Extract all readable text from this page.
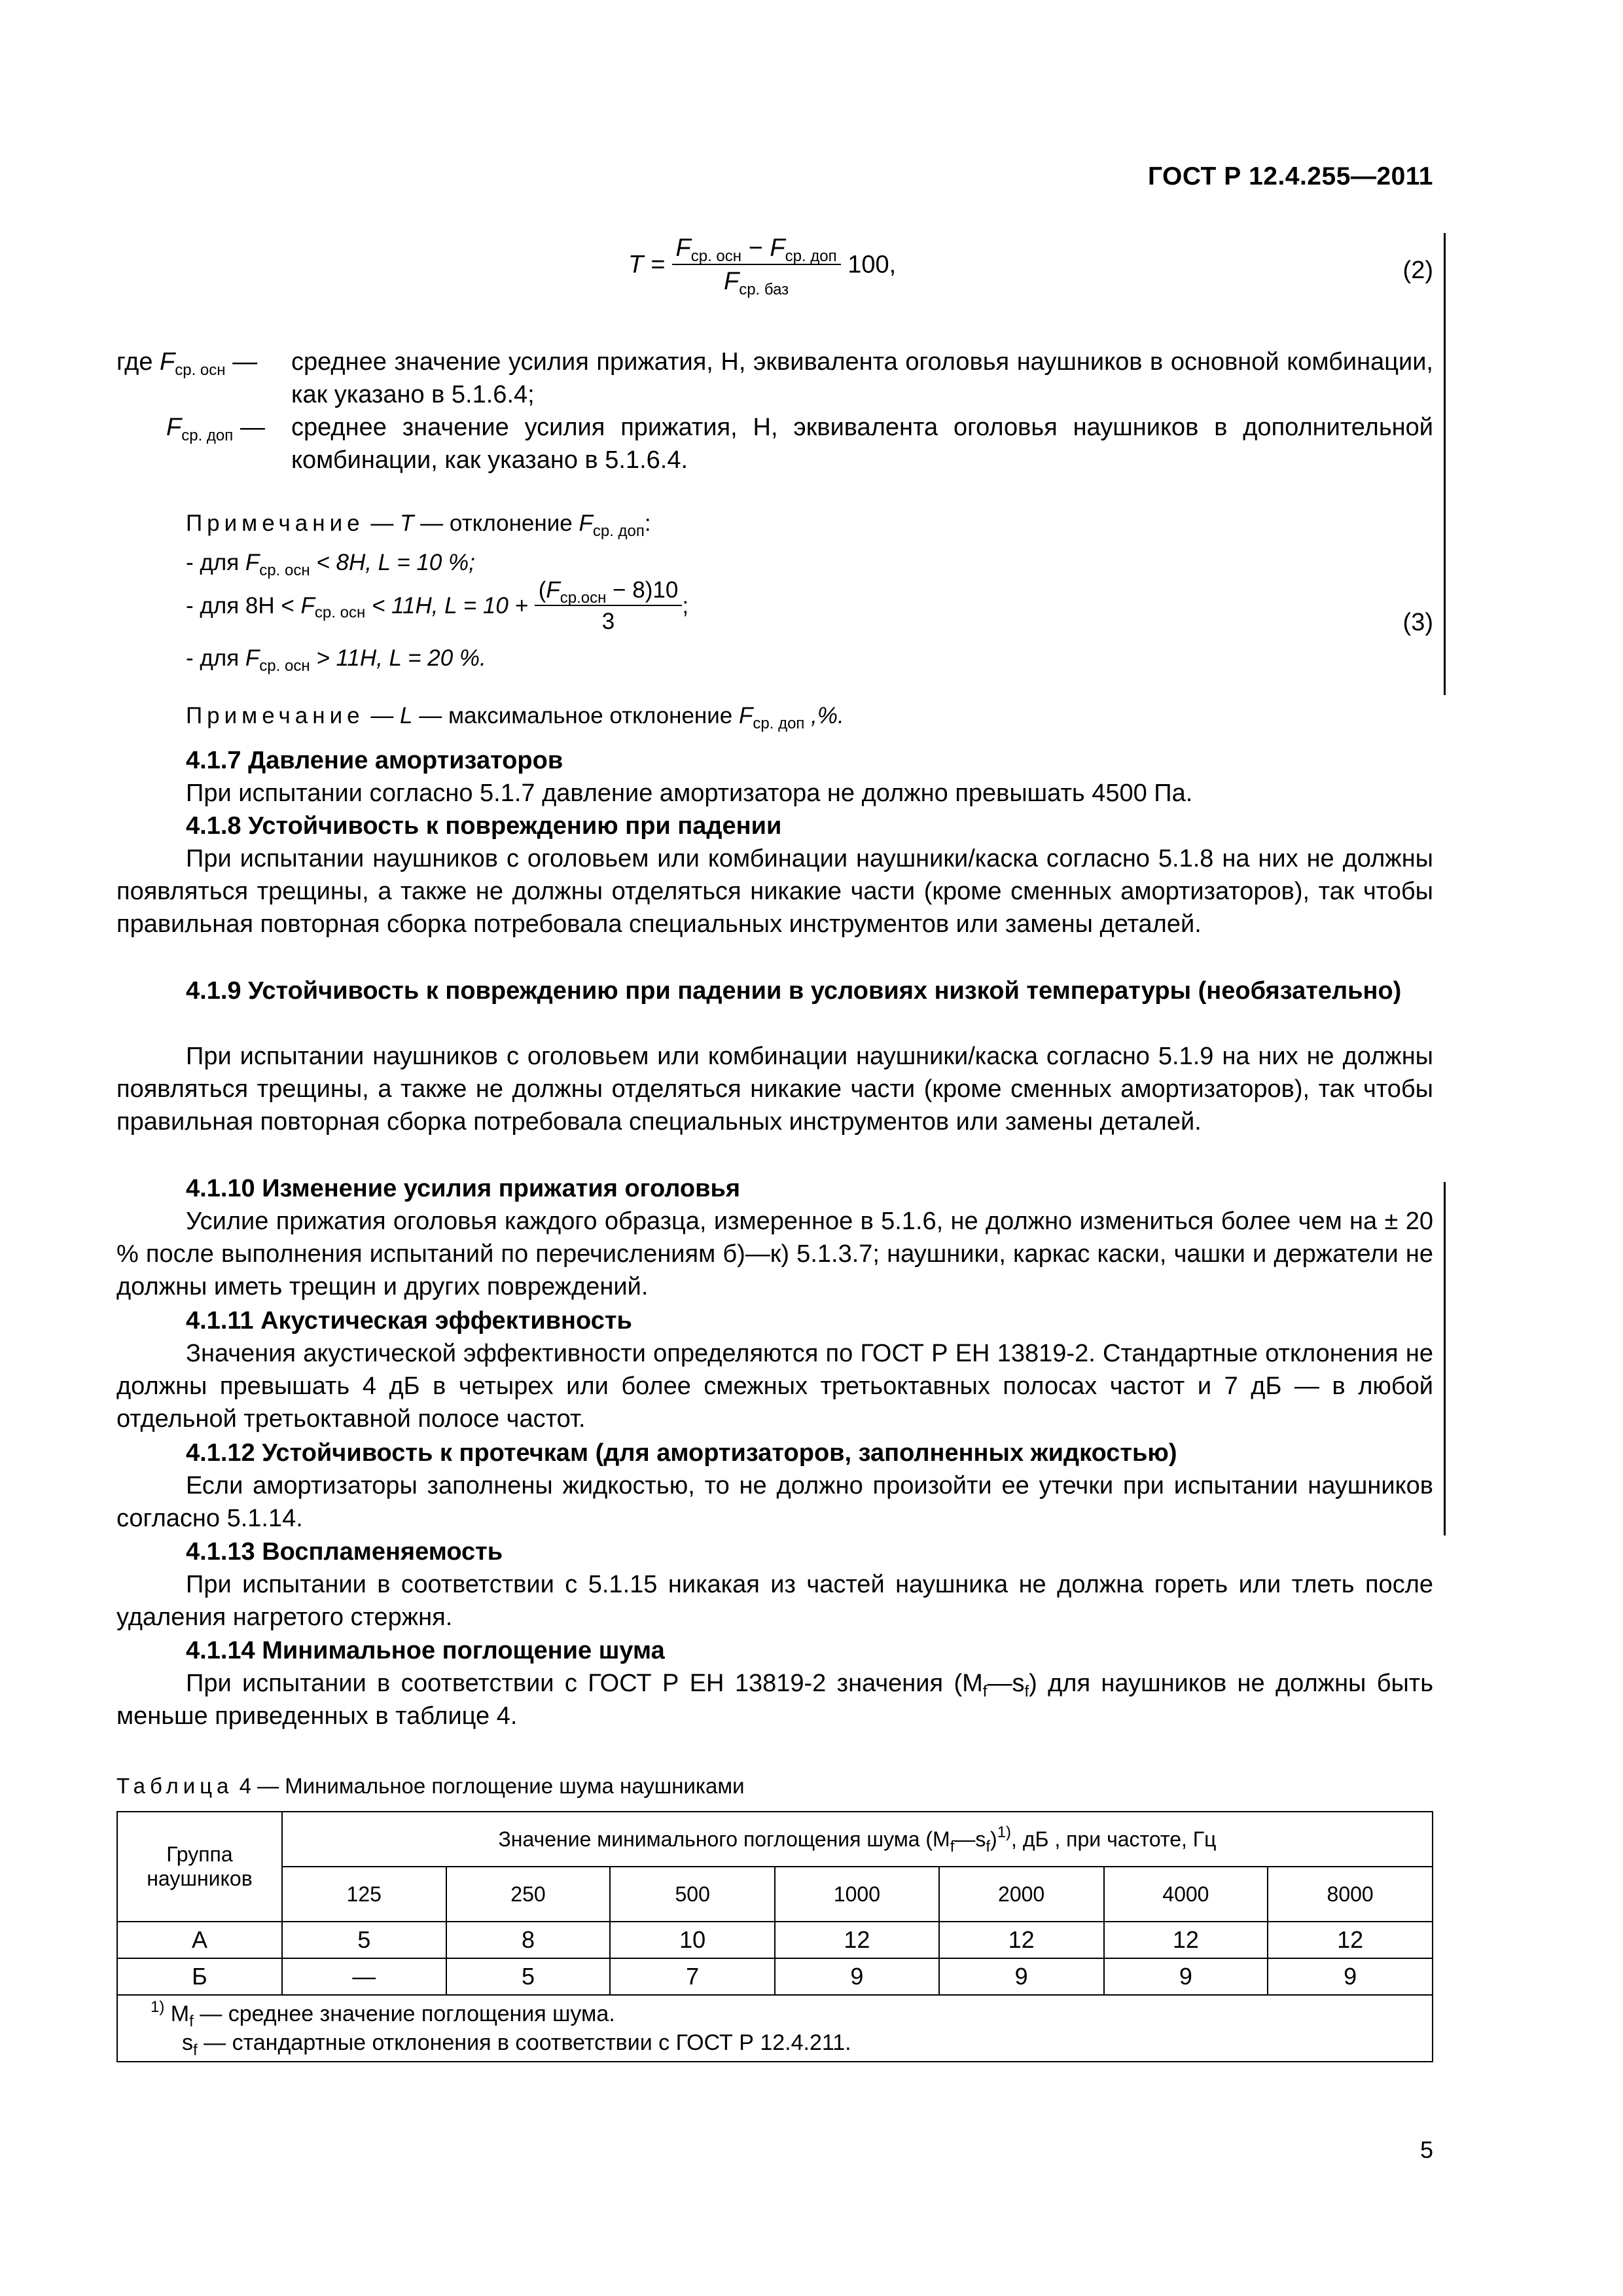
ГОСТ Р 12.4.255—2011
$T = \frac{F_{ср. осн} - F_{ср. доп}}{F_{ср. баз}} 100$,	(2)
где $F_{ср. осн}$ — среднее значение усилия прижатия, Н, эквивалента оголовья наушников в основной комбинации, как указано в 5.1.6.4;
$F_{ср. доп}$ — среднее значение усилия прижатия, Н, эквивалента оголовья наушников в дополнительной комбинации, как указано в 5.1.6.4.
Примечание — T — отклонение $F_{ср. доп}$:
- для $F_{ср. осн} < 8H$, L = 10 %;
- для $8H < F_{ср. осн} < 11H$, $L = 10 + \frac{(F_{ср.осн} - 8)10}{3}$ ;
(3)
- для $F_{ср. осн} > 11H$, L = 20 %.
Примечание — L — максимальное отклонение $F_{ср. доп}$ ,%.
4.1.7 Давление амортизаторов
При испытании согласно 5.1.7 давление амортизатора не должно превышать 4500 Па.
4.1.8 Устойчивость к повреждению при падении
При испытании наушников с оголовьем или комбинации наушники/каска согласно 5.1.8 на них не должны появляться трещины, а также не должны отделяться никакие части (кроме сменных амортизаторов), так чтобы правильная повторная сборка потребовала специальных инструментов или замены деталей.
4.1.9 Устойчивость к повреждению при падении в условиях низкой температуры (необязательно)
При испытании наушников с оголовьем или комбинации наушники/каска согласно 5.1.9 на них не должны появляться трещины, а также не должны отделяться никакие части (кроме сменных амортизаторов), так чтобы правильная повторная сборка потребовала специальных инструментов или замены деталей.
4.1.10 Изменение усилия прижатия оголовья
Усилие прижатия оголовья каждого образца, измеренное в 5.1.6, не должно измениться более чем на ± 20 % после выполнения испытаний по перечислениям б)—к) 5.1.3.7; наушники, каркас каски, чашки и держатели не должны иметь трещин и других повреждений.
4.1.11 Акустическая эффективность
Значения акустической эффективности определяются по ГОСТ Р ЕН 13819-2. Стандартные отклонения не должны превышать 4 дБ в четырех или более смежных третьоктавных полосах частот и 7 дБ — в любой отдельной третьоктавной полосе частот.
4.1.12 Устойчивость к протечкам (для амортизаторов, заполненных жидкостью)
Если амортизаторы заполнены жидкостью, то не должно произойти ее утечки при испытании наушников согласно 5.1.14.
4.1.13 Воспламеняемость
При испытании в соответствии с 5.1.15 никакая из частей наушника не должна гореть или тлеть после удаления нагретого стержня.
4.1.14 Минимальное поглощение шума
При испытании в соответствии с ГОСТ Р ЕН 13819-2 значения $(M_f—s_f)$ для наушников не должны быть меньше приведенных в таблице 4.
Таблица 4 — Минимальное поглощение шума наушниками
Группа наушников	Значение минимального поглощения шума $(M_f—s_f)^{1)}$, дБ , при частоте, Гц						
	125	250	500	1000	2000	4000	8000
А	5	8	10	12	12	12	12
Б	—	5	7	9	9	9	9

$^{1)}$ $M_f$ — среднее значение поглощения шума.
$s_f$ — стандартные отклонения в соответствии с ГОСТ Р 12.4.211.							
5
